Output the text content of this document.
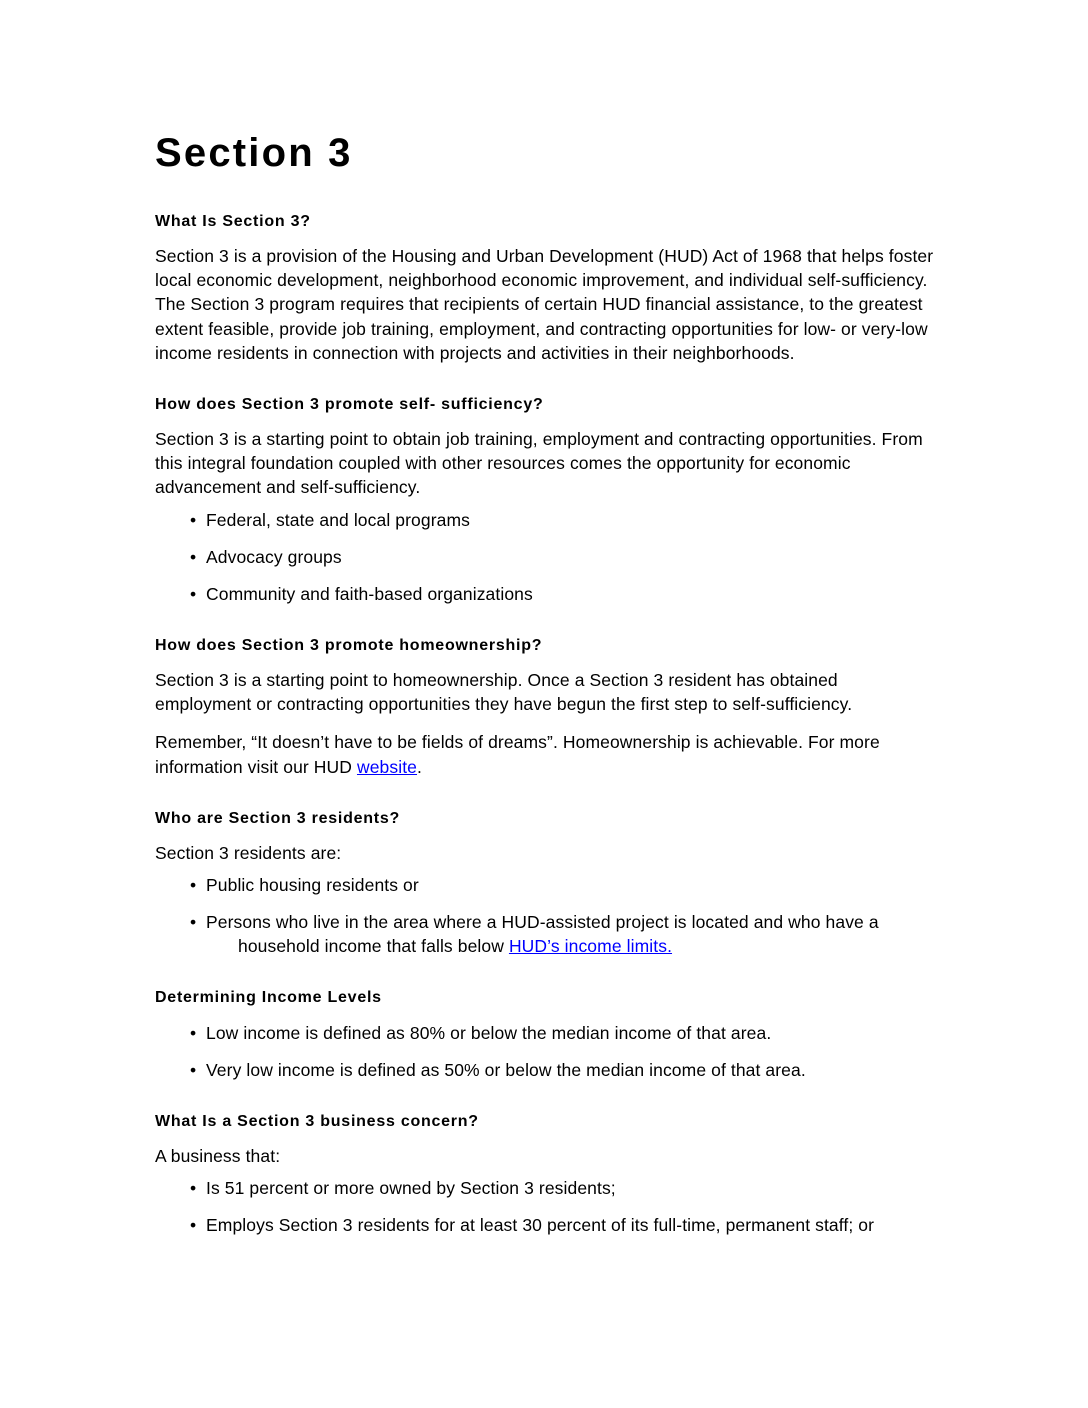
Section 3
What Is Section 3?

Section 3 is a provision of the Housing and Urban Development (HUD) Act of 1968 that helps foster local economic development, neighborhood economic improvement, and individual self-sufficiency. The Section 3 program requires that recipients of certain HUD financial assistance, to the greatest extent feasible, provide job training, employment, and contracting opportunities for low- or very-low income residents in connection with projects and activities in their neighborhoods.

How does Section 3 promote self- sufficiency?

Section 3 is a starting point to obtain job training, employment and contracting opportunities. From this integral foundation coupled with other resources comes the opportunity for economic advancement and self-sufficiency.

• Federal, state and local programs
• Advocacy groups
• Community and faith-based organizations
How does Section 3 promote homeownership?

Section 3 is a starting point to homeownership. Once a Section 3 resident has obtained employment or contracting opportunities they have begun the first step to self-sufficiency.

Remember, “It doesn’t have to be fields of dreams”. Homeownership is achievable. For more information visit our HUD website.

Who are Section 3 residents?

Section 3 residents are:

• Public housing residents or
• Persons who live in the area where a HUD-assisted project is located and who have a household income that falls below HUD’s income limits.
Determining Income Levels
• Low income is defined as 80% or below the median income of that area.
• Very low income is defined as 50% or below the median income of that area.
What Is a Section 3 business concern?

A business that:

• Is 51 percent or more owned by Section 3 residents;
• Employs Section 3 residents for at least 30 percent of its full-time, permanent staff; or
